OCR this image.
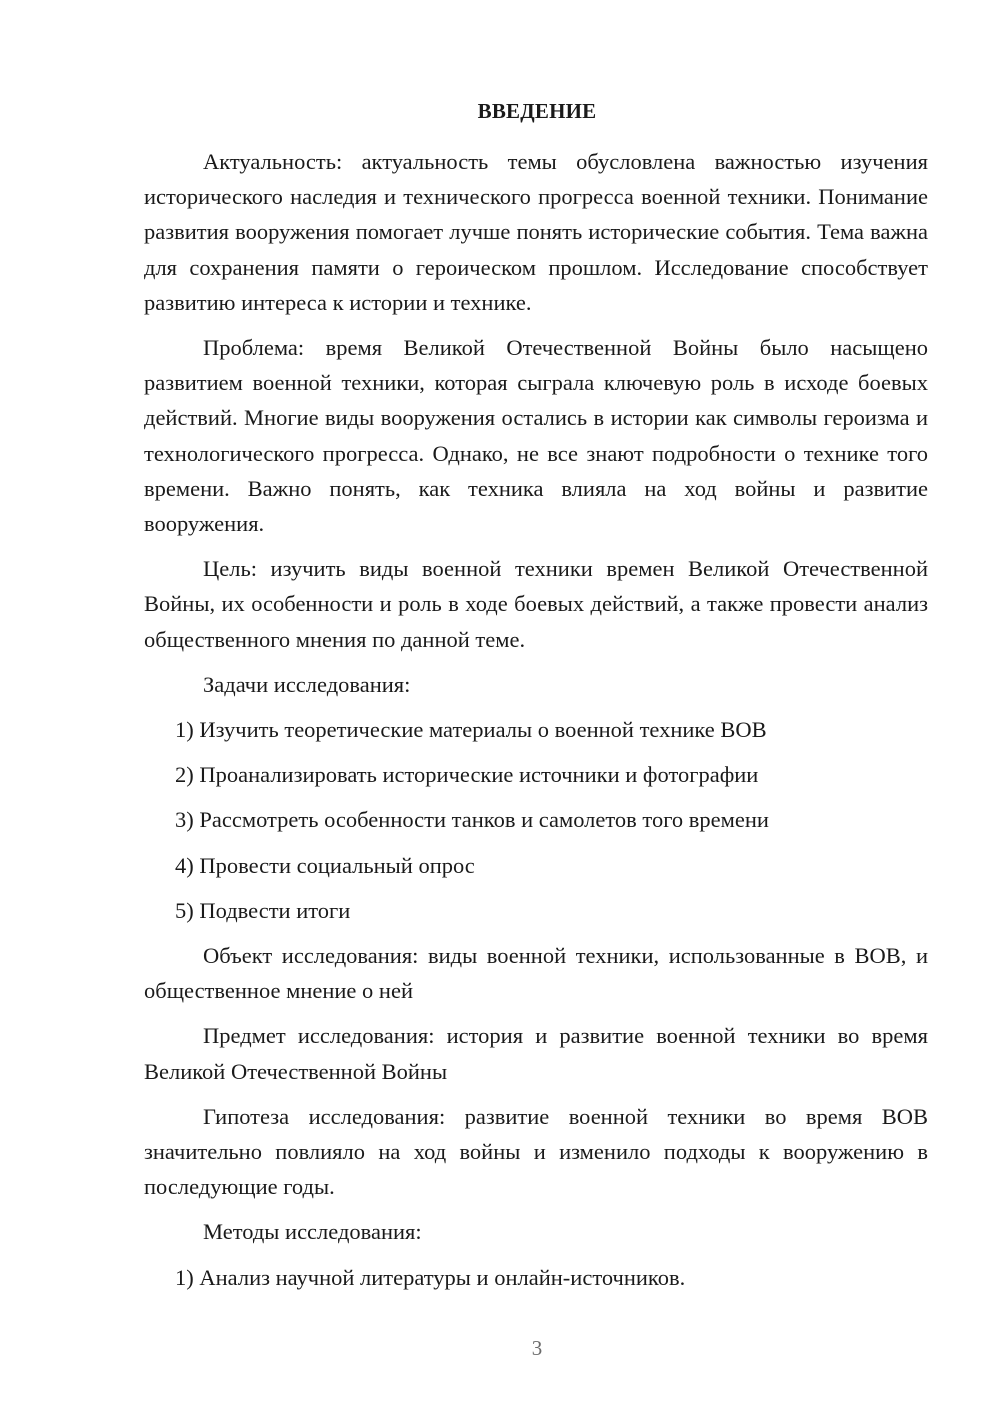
ВВЕДЕНИЕ

Актуальность: актуальность темы обусловлена важностью изучения исторического наследия и технического прогресса военной техники. Понимание развития вооружения помогает лучше понять исторические события. Тема важна для сохранения памяти о героическом прошлом. Исследование способствует развитию интереса к истории и технике.

Проблема: время Великой Отечественной Войны было насыщено развитием военной техники, которая сыграла ключевую роль в исходе боевых действий. Многие виды вооружения остались в истории как символы героизма и технологического прогресса. Однако, не все знают подробности о технике того времени. Важно понять, как техника влияла на ход войны и развитие вооружения.

Цель: изучить виды военной техники времен Великой Отечественной Войны, их особенности и роль в ходе боевых действий, а также провести анализ общественного мнения по данной теме.

Задачи исследования:

1) Изучить теоретические материалы о военной технике ВОВ

2) Проанализировать исторические источники и фотографии

3) Рассмотреть особенности танков и самолетов того времени

4) Провести социальный опрос

5) Подвести итоги

Объект исследования: виды военной техники, использованные в ВОВ, и общественное мнение о ней

Предмет исследования: история и развитие военной техники во время Великой Отечественной Войны

Гипотеза исследования: развитие военной техники во время ВОВ значительно повлияло на ход войны и изменило подходы к вооружению в последующие годы.

Методы исследования:

1) Анализ научной литературы и онлайн-источников.

3
